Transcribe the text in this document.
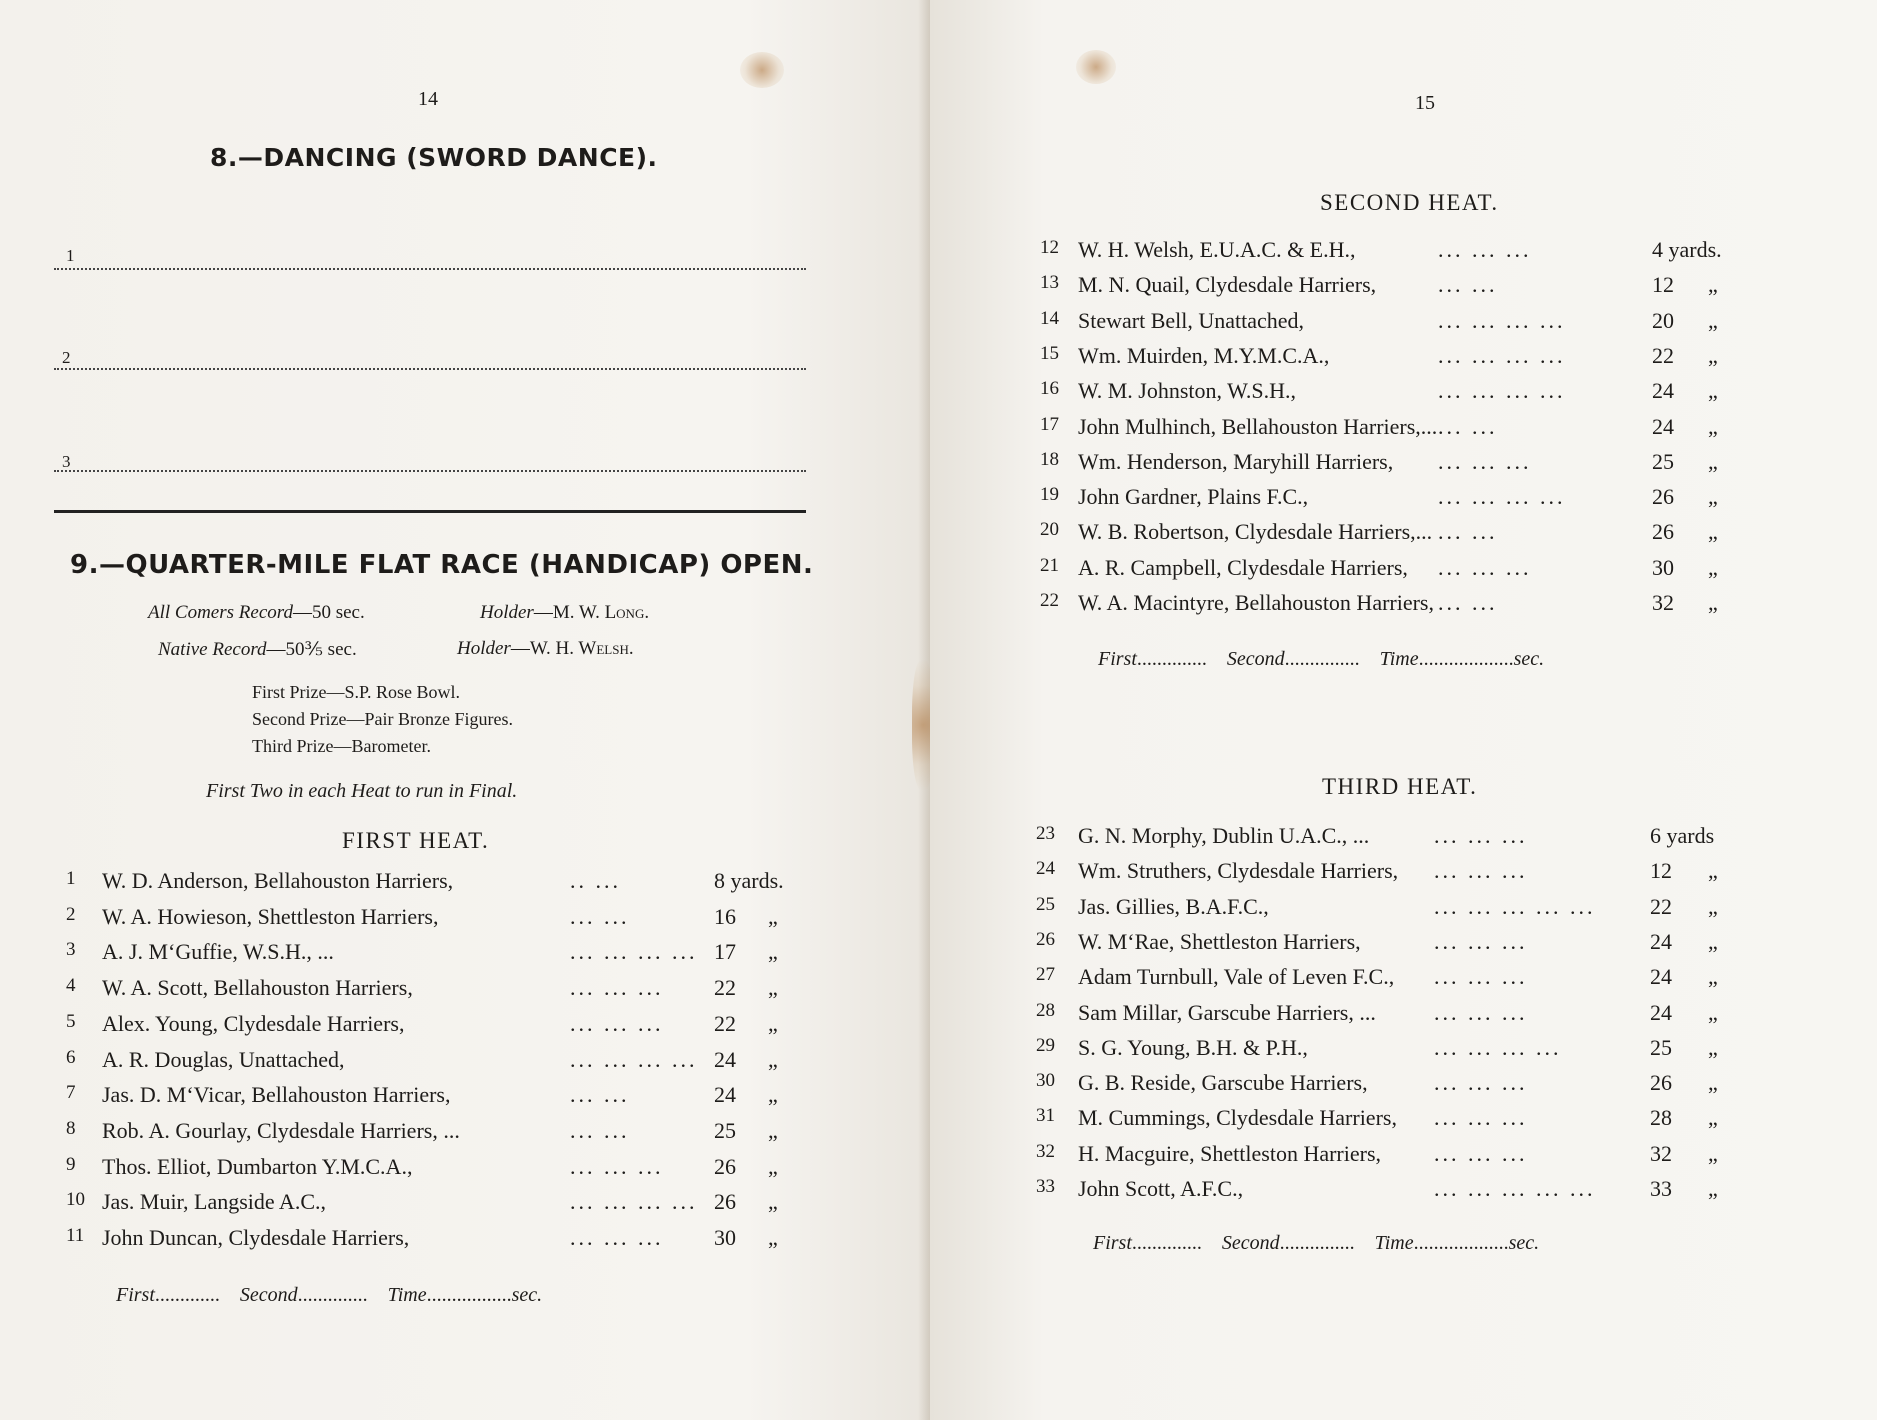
14
8.—DANCING (SWORD DANCE).
1
2
3
9.—QUARTER-MILE FLAT RACE (HANDICAP) OPEN.
All Comers Record—50 sec.	Holder—M. W. Long.
Native Record—50⅗ sec.	Holder—W. H. Welsh.
First Prize—S.P. Rose Bowl.
Second Prize—Pair Bronze Figures.
Third Prize—Barometer.
First Two in each Heat to run in Final.
FIRST HEAT.
1 W. D. Anderson, Bellahouston Harriers,	.. ...	8 yards.
2 W. A. Howieson, Shettleston Harriers,	... ...	16 „
3 A. J. M‘Guffie, W.S.H., ...	... ... ... ... 17 „
4 W. A. Scott, Bellahouston Harriers,	... ... ... 22 „
5 Alex. Young, Clydesdale Harriers,	... ... ... 22 „
6 A. R. Douglas, Unattached,	... ... ... ... 24 „
7 Jas. D. M‘Vicar, Bellahouston Harriers,	... ...	24 „
8 Rob. A. Gourlay, Clydesdale Harriers, ...	... ...	25 „
9 Thos. Elliot, Dumbarton Y.M.C.A.,	... ... ... 26 „
10 Jas. Muir, Langside A.C.,	... ... ... ... 26 „
11 John Duncan, Clydesdale Harriers,	... ... ... 30 „
First.............    Second..............    Time.................sec.
15
SECOND HEAT.
12 W. H. Welsh, E.U.A.C. & E.H.,	... ... ...	4 yards.
13 M. N. Quail, Clydesdale Harriers,	... ...	12 „
14 Stewart Bell, Unattached,	... ... ... ...	20 „
15 Wm. Muirden, M.Y.M.C.A.,	... ... ... ...	22 „
16 W. M. Johnston, W.S.H.,	... ... ... ...	24 „
17 John Mulhinch, Bellahouston Harriers,... ... ...	24 „
18 Wm. Henderson, Maryhill Harriers, ... ... ...	25 „
19 John Gardner, Plains F.C.,	... ... ... ...	26 „
20 W. B. Robertson, Clydesdale Harriers,... ... ...	26 „
21 A. R. Campbell, Clydesdale Harriers, ... ... ...	30 „
22 W. A. Macintyre, Bellahouston Harriers, ... ...	32 „
First..............    Second...............    Time...................sec.
THIRD HEAT.
23 G. N. Morphy, Dublin U.A.C., ...	... ... ...	6 yards
24 Wm. Struthers, Clydesdale Harriers, ... ... ...	12 „
25 Jas. Gillies, B.A.F.C.,	... ... ... ... ... 22 „
26 W. M‘Rae, Shettleston Harriers,	... ... ...	24 „
27 Adam Turnbull, Vale of Leven F.C., ... ... ...	24 „
28 Sam Millar, Garscube Harriers, ...	... ... ...	24 „
29 S. G. Young, B.H. & P.H.,	... ... ... ...	25 „
30 G. B. Reside, Garscube Harriers,	... ... ...	26 „
31 M. Cummings, Clydesdale Harriers, ... ... ...	28 „
32 H. Macguire, Shettleston Harriers, ... ... ...	32 „
33 John Scott, A.F.C.,	... ... ... ... ... 33 „
First..............    Second...............    Time...................sec.
